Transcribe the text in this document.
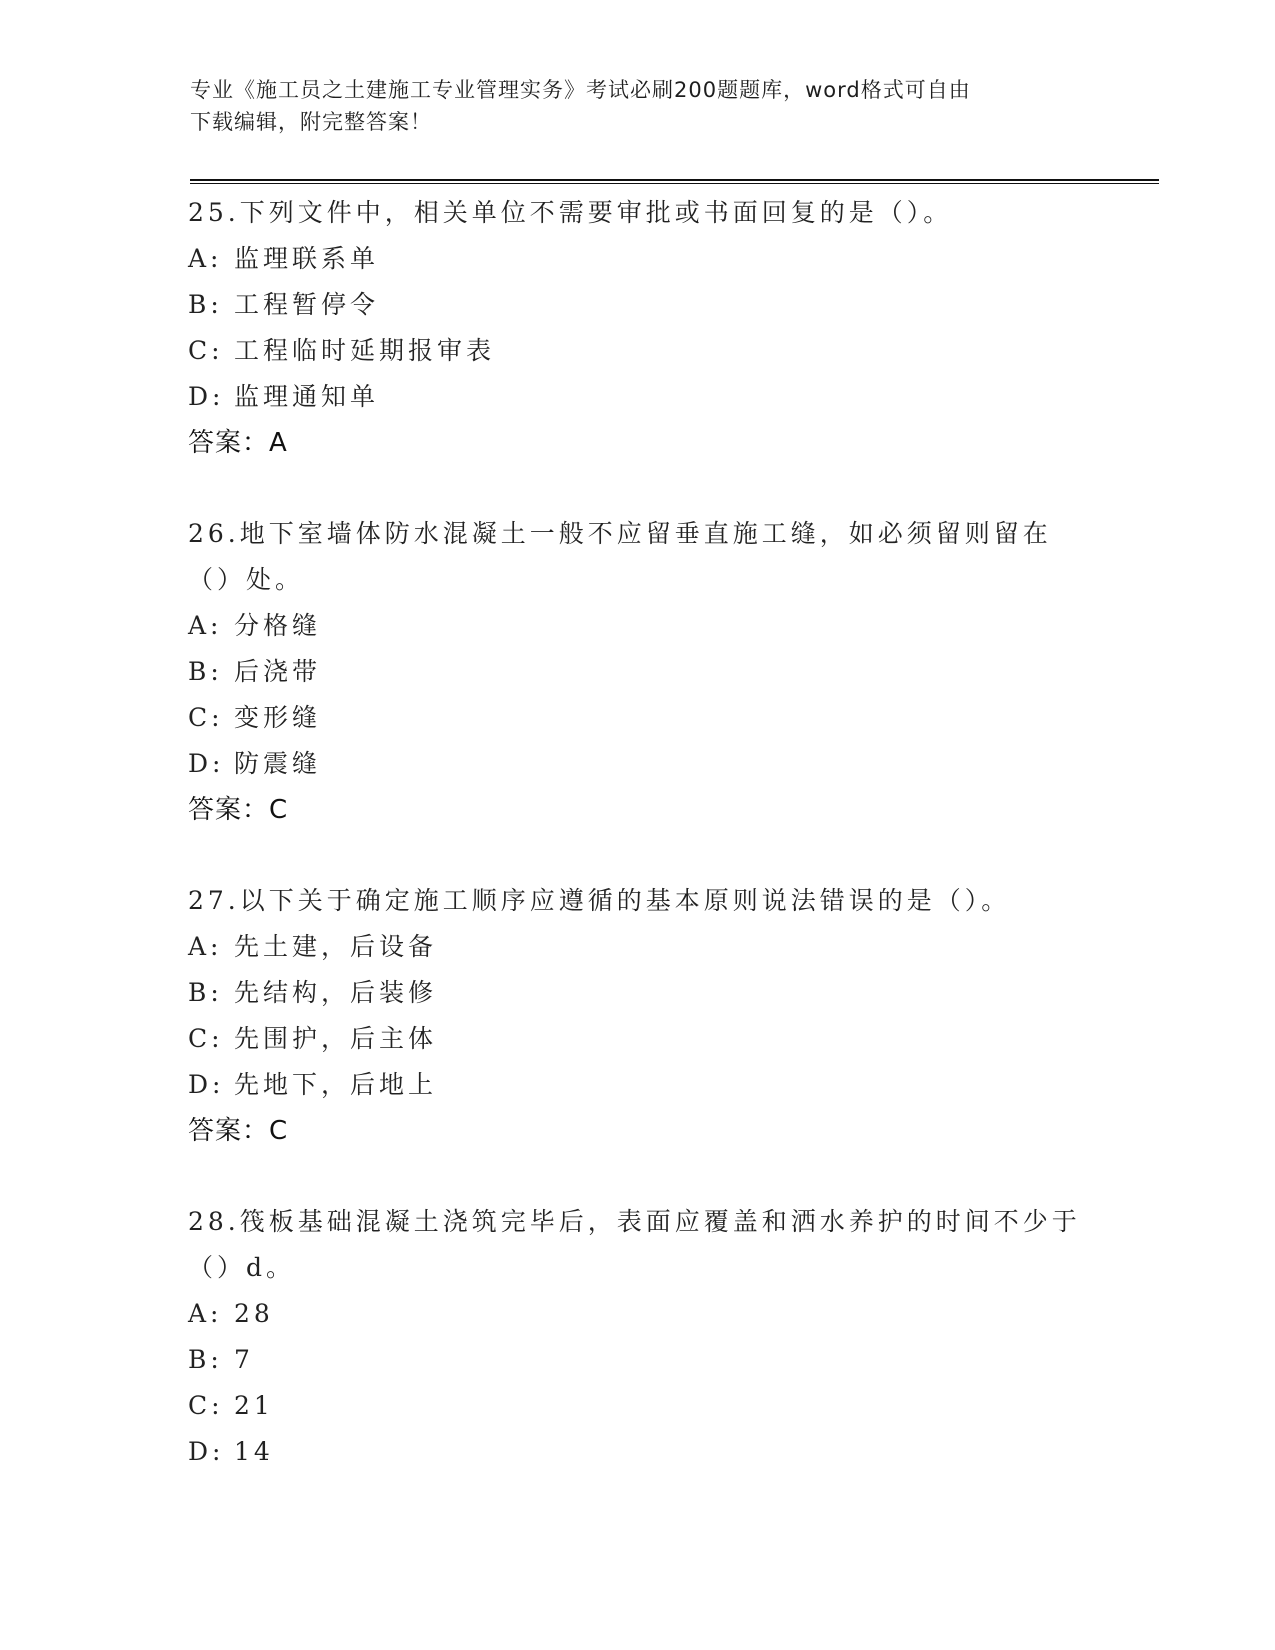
专业《施工员之土建施工专业管理实务》考试必刷200题题库，word格式可自由
下载编辑，附完整答案！
25.下列文件中，相关单位不需要审批或书面回复的是（）。
A: 监理联系单
B: 工程暂停令
C: 工程临时延期报审表
D: 监理通知单
答案：A
26.地下室墙体防水混凝土一般不应留垂直施工缝，如必须留则留在（）处。
A: 分格缝
B: 后浇带
C: 变形缝
D: 防震缝
答案：C
27.以下关于确定施工顺序应遵循的基本原则说法错误的是（）。
A: 先土建，后设备
B: 先结构，后装修
C: 先围护，后主体
D: 先地下，后地上
答案：C
28.筏板基础混凝土浇筑完毕后，表面应覆盖和洒水养护的时间不少于（）d。
A: 28
B: 7
C: 21
D: 14
